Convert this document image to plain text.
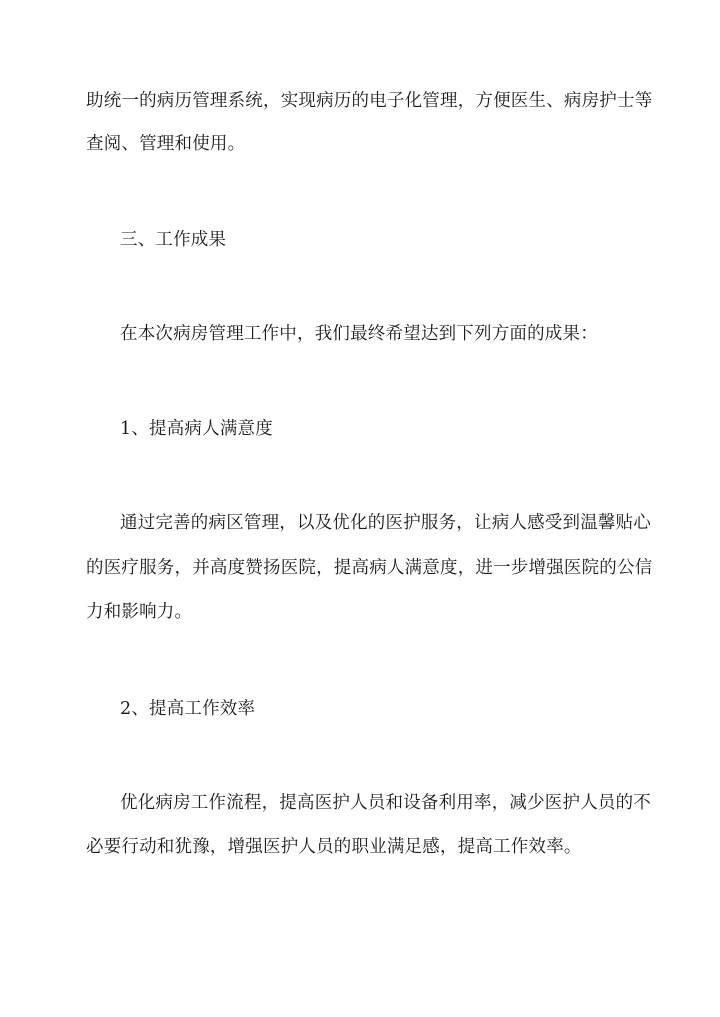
助统一的病历管理系统，实现病历的电子化管理，方便医生、病房护士等
查阅、管理和使用。
三、工作成果
在本次病房管理工作中，我们最终希望达到下列方面的成果：
1、提高病人满意度
通过完善的病区管理，以及优化的医护服务，让病人感受到温馨贴心
的医疗服务，并高度赞扬医院，提高病人满意度，进一步增强医院的公信
力和影响力。
2、提高工作效率
优化病房工作流程，提高医护人员和设备利用率，减少医护人员的不
必要行动和犹豫，增强医护人员的职业满足感，提高工作效率。
